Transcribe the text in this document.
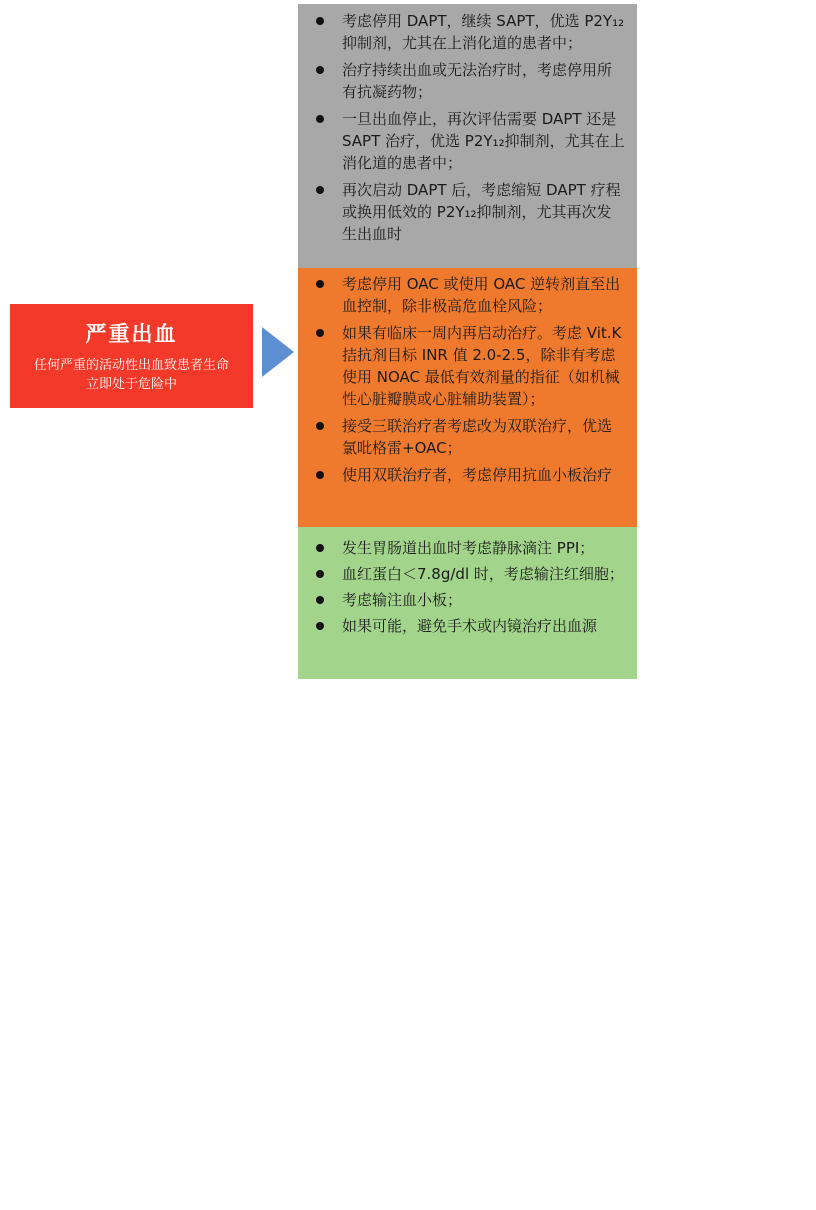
严重出血
任何严重的活动性出血致患者生命立即处于危险中
考虑停用 DAPT，继续 SAPT，优选 P2Y₁₂抑制剂，尤其在上消化道的患者中；
治疗持续出血或无法治疗时，考虑停用所有抗凝药物；
一旦出血停止，再次评估需要 DAPT 还是 SAPT 治疗，优选 P2Y₁₂抑制剂，尤其在上消化道的患者中；
再次启动 DAPT 后，考虑缩短 DAPT 疗程或换用低效的 P2Y₁₂抑制剂，尤其再次发生出血时
考虑停用 OAC 或使用 OAC 逆转剂直至出血控制，除非极高危血栓风险；
如果有临床一周内再启动治疗。考虑 Vit.K 拮抗剂目标 INR 值 2.0-2.5，除非有考虑使用 NOAC 最低有效剂量的指征（如机械性心脏瓣膜或心脏辅助装置）；
接受三联治疗者考虑改为双联治疗，优选氯吡格雷+OAC；
使用双联治疗者，考虑停用抗血小板治疗
发生胃肠道出血时考虑静脉滴注 PPI；
血红蛋白＜7.8g/dl 时，考虑输注红细胞；
考虑输注血小板；
如果可能，避免手术或内镜治疗出血源
丁香园
